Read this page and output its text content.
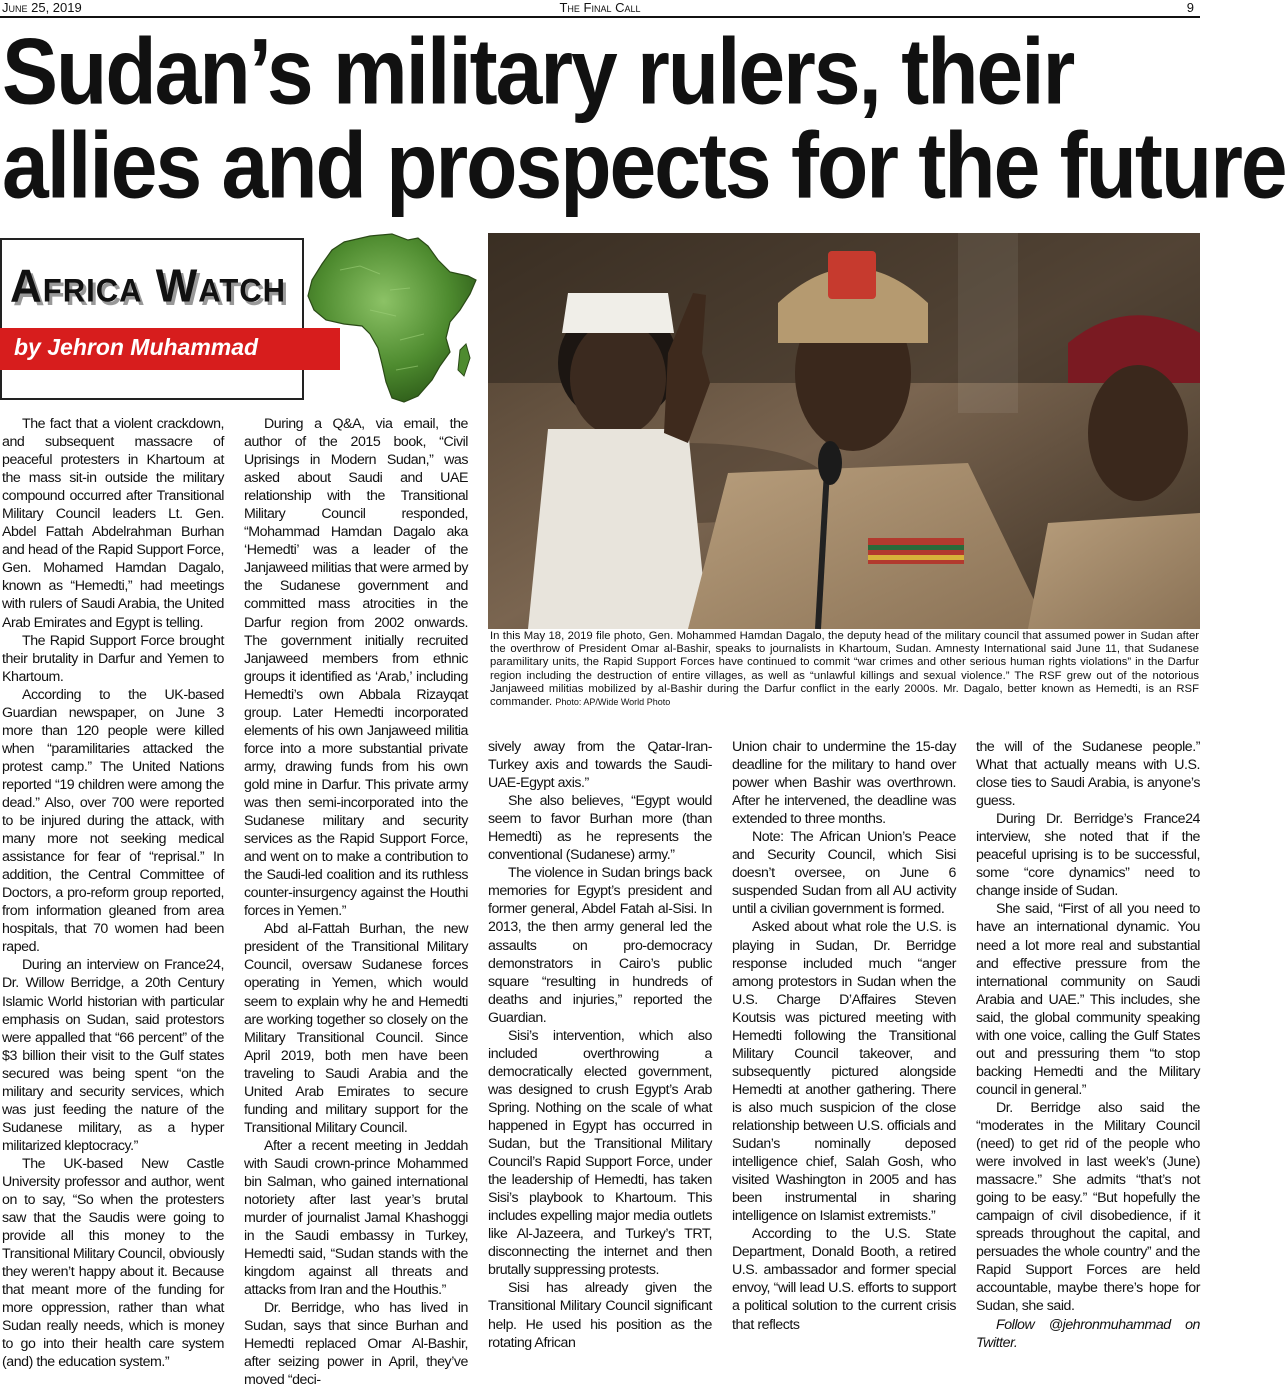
June 25, 2019	The Final Call	9
Sudan’s military rulers, their
allies and prospects for the future
Africa Watch
by Jehron Muhammad
In this May 18, 2019 file photo, Gen. Mohammed Hamdan Dagalo, the deputy head of the military council that assumed power in Sudan after the overthrow of President Omar al-Bashir, speaks to journalists in Khartoum, Sudan. Amnesty International said June 11, that Sudanese paramilitary units, the Rapid Support Forces have continued to commit “war crimes and other serious human rights violations” in the Darfur region including the destruction of entire villages, as well as “unlawful killings and sexual violence.” The RSF grew out of the notorious Janjaweed militias mobilized by al-Bashir during the Darfur conflict in the early 2000s. Mr. Dagalo, better known as Hemedti, is an RSF commander. Photo: AP/Wide World Photo

The fact that a violent crackdown, and subsequent massacre of peaceful protesters in Khartoum at the mass sit-in outside the military compound occurred after Transitional Military Council leaders Lt. Gen. Abdel Fattah Abdelrahman Burhan and head of the Rapid Support Force, Gen. Mohamed Hamdan Dagalo, known as “Hemedti,” had meetings with rulers of Saudi Arabia, the United Arab Emirates and Egypt is telling.

The Rapid Support Force brought their brutality in Darfur and Yemen to Khartoum.

According to the UK-based Guardian newspaper, on June 3 more than 120 people were killed when “paramilitaries attacked the protest camp.” The United Nations reported “19 children were among the dead.” Also, over 700 were reported to be injured during the attack, with many more not seeking medical assistance for fear of “reprisal.” In addition, the Central Committee of Doctors, a pro-reform group reported, from information gleaned from area hospitals, that 70 women had been raped.

During an interview on France24, Dr. Willow Berridge, a 20th Century Islamic World historian with particular emphasis on Sudan, said protestors were appalled that “66 percent” of the $3 billion their visit to the Gulf states secured was being spent “on the military and security services, which was just feeding the nature of the Sudanese military, as a hyper militarized kleptocracy.”

The UK-based New Castle University professor and author, went on to say, “So when the protesters saw that the Saudis were going to provide all this money to the Transitional Military Council, obviously they weren’t happy about it. Because that meant more of the funding for more oppression, rather than what Sudan really needs, which is money to go into their health care system (and) the education system.”

During a Q&A, via email, the author of the 2015 book, “Civil Uprisings in Modern Sudan,” was asked about Saudi and UAE relationship with the Transitional Military Council responded, “Mohammad Hamdan Dagalo aka ‘Hemedti’ was a leader of the Janjaweed militias that were armed by the Sudanese government and committed mass atrocities in the Darfur region from 2002 onwards. The government initially recruited Janjaweed members from ethnic groups it identified as ‘Arab,’ including Hemedti’s own Abbala Rizayqat group. Later Hemedti incorporated elements of his own Janjaweed militia force into a more substantial private army, drawing funds from his own gold mine in Darfur. This private army was then semi-incorporated into the Sudanese military and security services as the Rapid Support Force, and went on to make a contribution to the Saudi-led coalition and its ruthless counter-insurgency against the Houthi forces in Yemen.”

Abd al-Fattah Burhan, the new president of the Transitional Military Council, oversaw Sudanese forces operating in Yemen, which would seem to explain why he and Hemedti are working together so closely on the Military Transitional Council. Since April 2019, both men have been traveling to Saudi Arabia and the United Arab Emirates to secure funding and military support for the Transitional Military Council.

After a recent meeting in Jeddah with Saudi crown-prince Mohammed bin Salman, who gained international notoriety after last year’s brutal murder of journalist Jamal Khashoggi in the Saudi embassy in Turkey, Hemedti said, “Sudan stands with the kingdom against all threats and attacks from Iran and the Houthis.”

Dr. Berridge, who has lived in Sudan, says that since Burhan and Hemedti replaced Omar Al-Bashir, after seizing power in April, they’ve moved “deci-

sively away from the Qatar-Iran-Turkey axis and towards the Saudi-UAE-Egypt axis.”

She also believes, “Egypt would seem to favor Burhan more (than Hemedti) as he represents the conventional (Sudanese) army.”

The violence in Sudan brings back memories for Egypt’s president and former general, Abdel Fatah al-Sisi. In 2013, the then army general led the assaults on pro-democracy demonstrators in Cairo’s public square “resulting in hundreds of deaths and injuries,” reported the Guardian.

Sisi’s intervention, which also included overthrowing a democratically elected government, was designed to crush Egypt’s Arab Spring. Nothing on the scale of what happened in Egypt has occurred in Sudan, but the Transitional Military Council’s Rapid Support Force, under the leadership of Hemedti, has taken Sisi’s playbook to Khartoum. This includes expelling major media outlets like Al-Jazeera, and Turkey’s TRT, disconnecting the internet and then brutally suppressing protests.

Sisi has already given the Transitional Military Council significant help. He used his position as the rotating African

Union chair to undermine the 15-day deadline for the military to hand over power when Bashir was overthrown. After he intervened, the deadline was extended to three months.

Note: The African Union’s Peace and Security Council, which Sisi doesn’t oversee, on June 6 suspended Sudan from all AU activity until a civilian government is formed.

Asked about what role the U.S. is playing in Sudan, Dr. Berridge response included much “anger among protestors in Sudan when the U.S. Charge D’Affaires Steven Koutsis was pictured meeting with Hemedti following the Transitional Military Council takeover, and subsequently pictured alongside Hemedti at another gathering. There is also much suspicion of the close relationship between U.S. officials and Sudan’s nominally deposed intelligence chief, Salah Gosh, who visited Washington in 2005 and has been instrumental in sharing intelligence on Islamist extremists.”

According to the U.S. State Department, Donald Booth, a retired U.S. ambassador and former special envoy, “will lead U.S. efforts to support a political solution to the current crisis that reflects

the will of the Sudanese people.” What that actually means with U.S. close ties to Saudi Arabia, is anyone’s guess.

During Dr. Berridge’s France24 interview, she noted that if the peaceful uprising is to be successful, some “core dynamics” need to change inside of Sudan.

She said, “First of all you need to have an international dynamic. You need a lot more real and substantial and effective pressure from the international community on Saudi Arabia and UAE.” This includes, she said, the global community speaking with one voice, calling the Gulf States out and pressuring them “to stop backing Hemedti and the Military council in general.”

Dr. Berridge also said the “moderates in the Military Council (need) to get rid of the people who were involved in last week’s (June) massacre.” She admits “that’s not going to be easy.” “But hopefully the campaign of civil disobedience, if it spreads throughout the capital, and persuades the whole country” and the Rapid Support Forces are held accountable, maybe there’s hope for Sudan, she said.

Follow @jehronmuhammad on Twitter.
